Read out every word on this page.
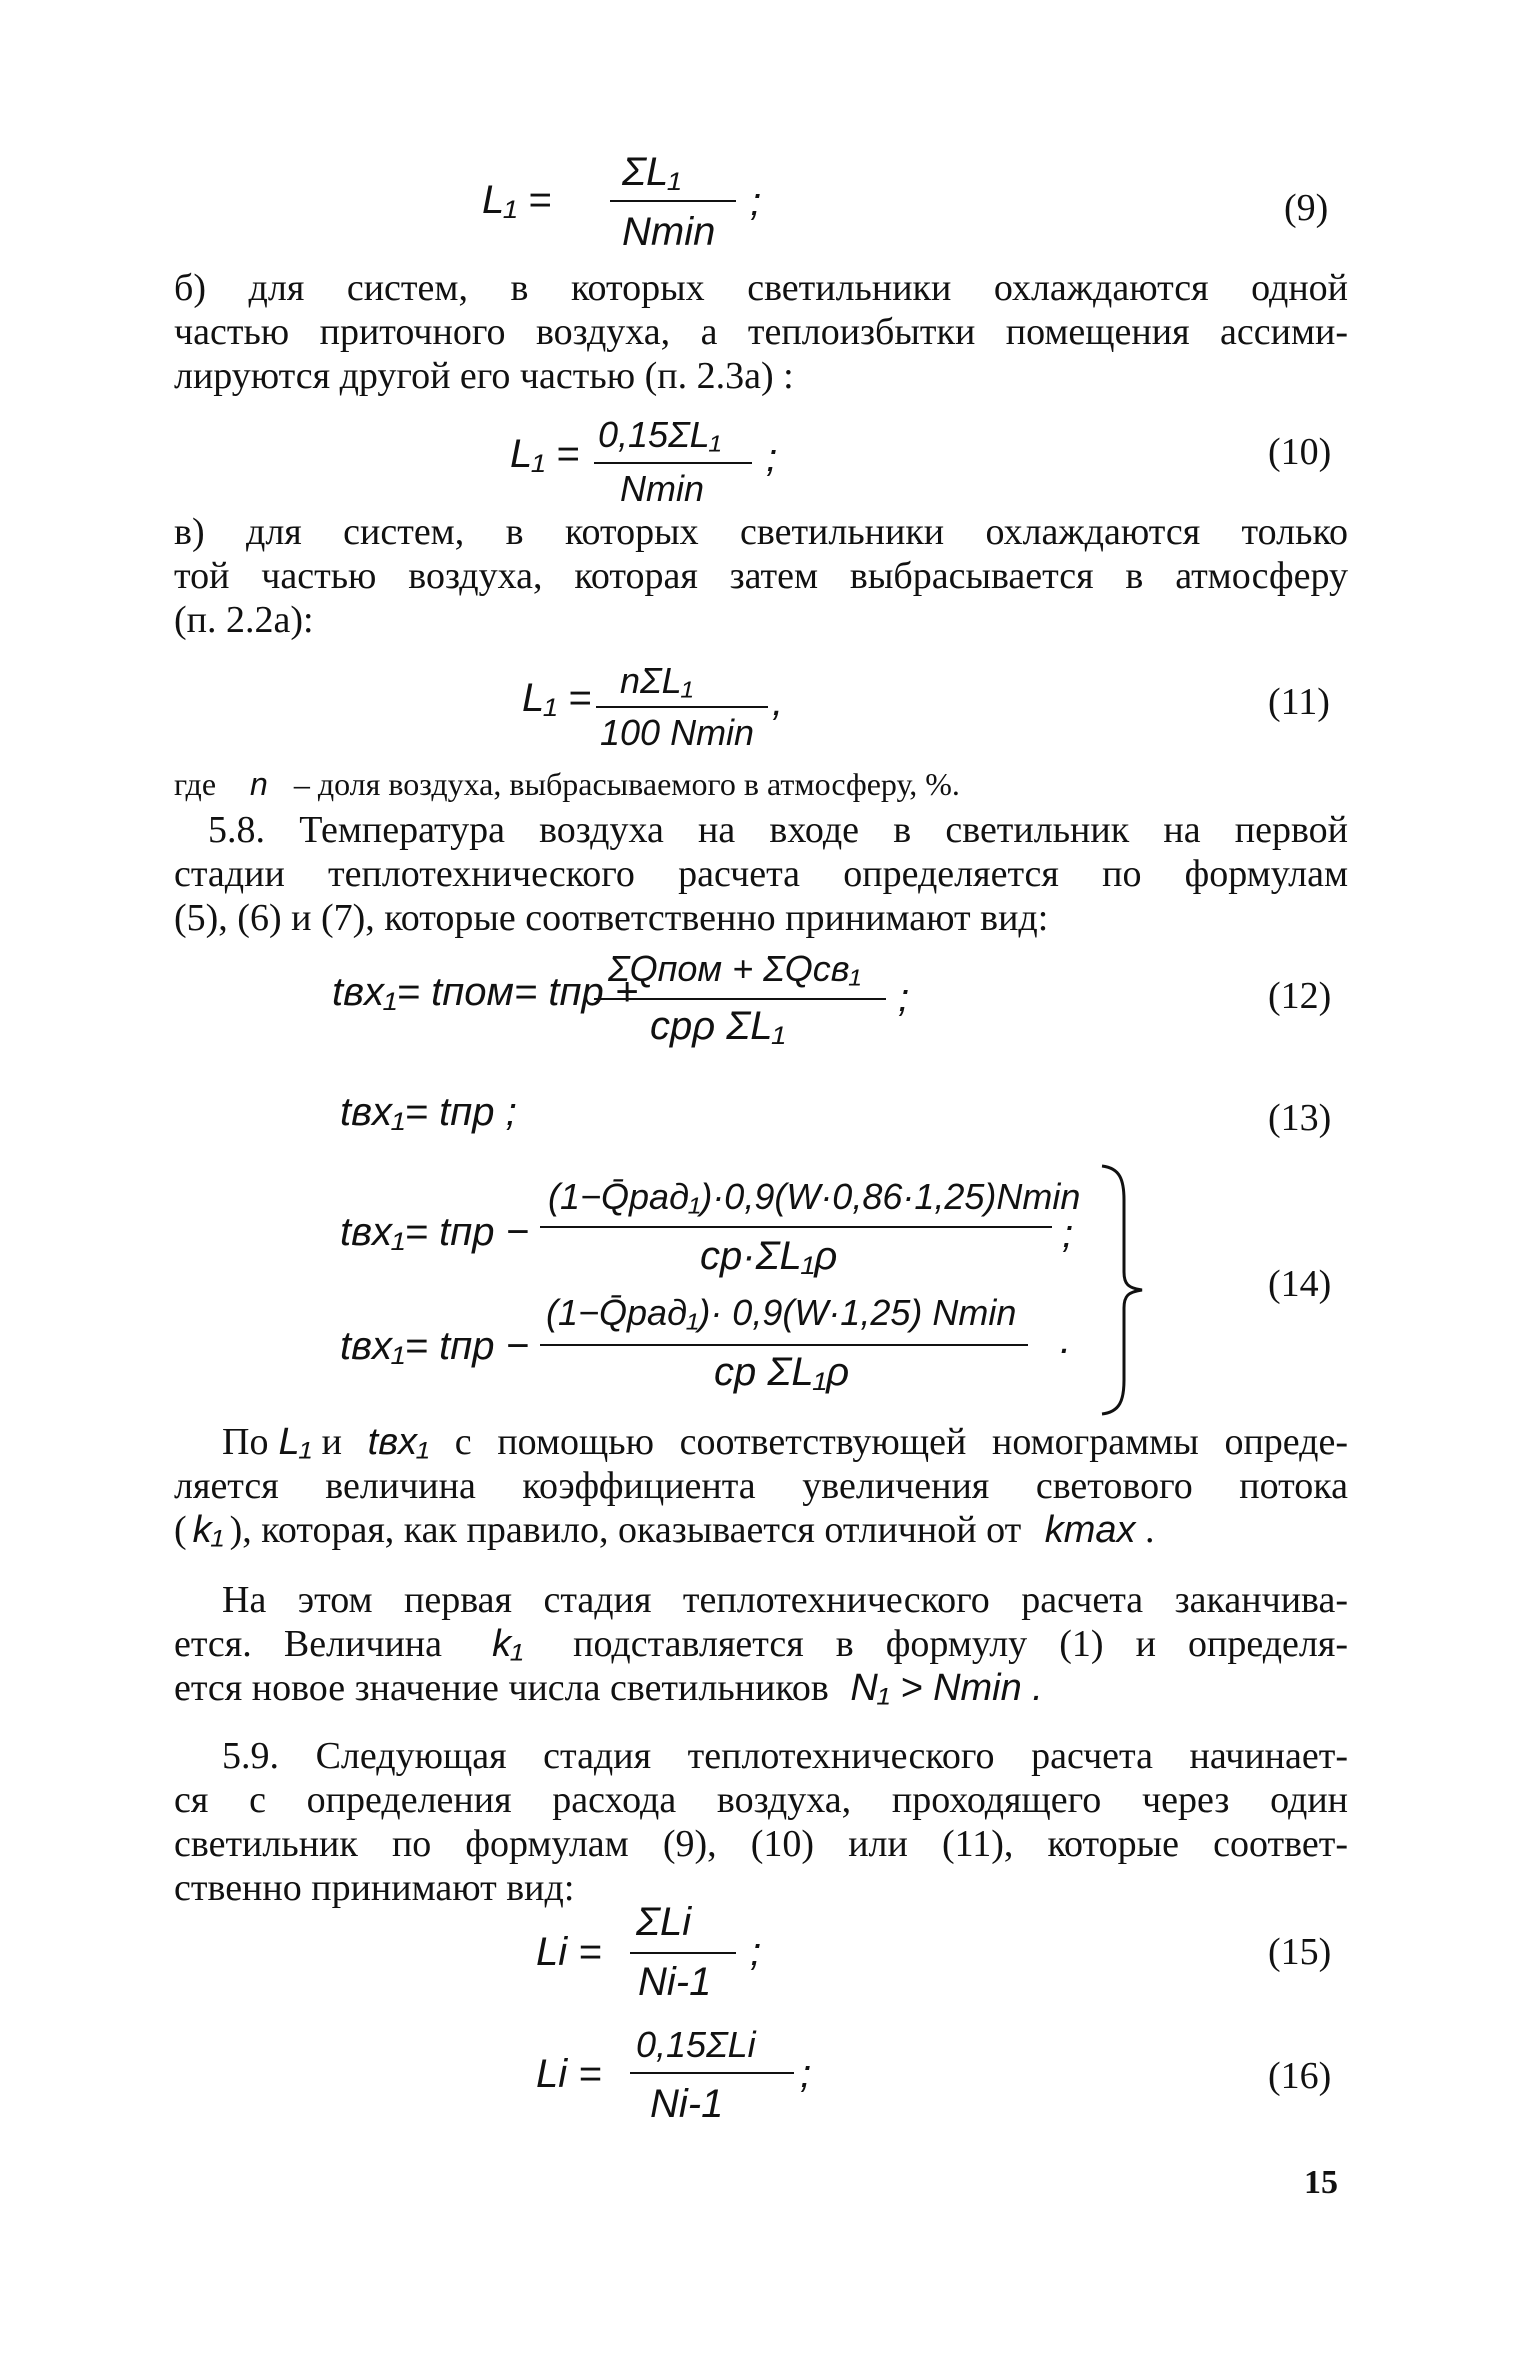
L₁ =
ΣL₁
Nmin
;	(9)
б) для систем, в которых светильники охлаждаются одной
частью приточного воздуха, а теплоизбытки помещения ассими-
лируются другой его частью (п. 2.3а) :
L₁ = 0,15ΣL₁
Nmin
;	(10)
в) для систем, в которых светильники охлаждаются только
той частью воздуха, которая затем выбрасывается в атмосферу
(п. 2.2а):
L₁ = nΣL₁
100 Nmin
,	(11)
где n – доля воздуха, выбрасываемого в атмосферу, %.
5.8. Температура воздуха на входе в светильник на первой
стадии теплотехнического расчета определяется по формулам
(5), (6) и (7), которые соответственно принимают вид:
tвх₁= tпом= tпр +
ΣQпом + ΣQсв₁
cpρ ΣL₁
;	(12)
tвх₁= tпр ;	(13)
tвх₁= tпр −
(1−Q̄рад₁)·0,9(W·0,86·1,25)Nmin
cp·ΣL₁ρ	;
tвх₁= tпр −
(1−Q̄рад₁)· 0,9(W·1,25) Nmin
cp ΣL₁ρ
.
(14)
По L₁ и tвх₁ с помощью соответствующей номограммы опреде-
ляется величина коэффициента увеличения светового потока
( k₁ ), которая, как правило, оказывается отличной от kmax .
На этом первая стадия теплотехнического расчета заканчива-
ется. Величина k₁ подставляется в формулу (1) и определя-
ется новое значение числа светильников N₁ > Nmin .
5.9. Следующая стадия теплотехнического расчета начинает-
ся с определения расхода воздуха, проходящего через один
светильник по формулам (9), (10) или (11), которые соответ-
ственно принимают вид:
Li =
ΣLi
Ni-1
;	(15)
Li =
0,15ΣLi
Ni-1
;	(16)
15
